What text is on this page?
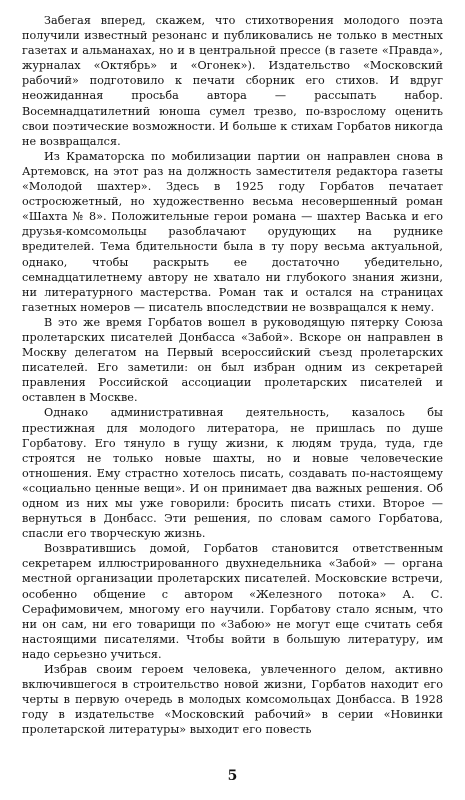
Забегая вперед, скажем, что стихотворения молодого поэта получили известный резонанс и публиковались не только в местных газетах и альманахах, но и в центральной прессе (в газете «Правда», журналах «Октябрь» и «Огонек»). Издательство «Московский рабочий» подготовило к печати сборник его стихов. И вдруг неожиданная просьба автора — рассыпать набор. Восемнадцатилетний юноша сумел трезво, по-взрослому оценить свои поэтические возможности. И больше к стихам Горбатов никогда не возвращался.

Из Краматорска по мобилизации партии он направлен снова в Артемовск, на этот раз на должность заместителя редактора газеты «Молодой шахтер». Здесь в 1925 году Горбатов печатает остросюжетный, но художественно весьма несовершенный роман «Шахта № 8». Положительные герои романа — шахтер Васька и его друзья-комсомольцы разоблачают орудующих на руднике вредителей. Тема бдительности была в ту пору весьма актуальной, однако, чтобы раскрыть ее достаточно убедительно, семнадцатилетнему автору не хватало ни глубокого знания жизни, ни литературного мастерства. Роман так и остался на страницах газетных номеров — писатель впоследствии не возвращался к нему.

В это же время Горбатов вошел в руководящую пятерку Союза пролетарских писателей Донбасса «Забой». Вскоре он направлен в Москву делегатом на Первый всероссийский съезд пролетарских писателей. Его заметили: он был избран одним из секретарей правления Российской ассоциации пролетарских писателей и оставлен в Москве.

Однако административная деятельность, казалось бы престижная для молодого литератора, не пришлась по душе Горбатову. Его тянуло в гущу жизни, к людям труда, туда, где строятся не только новые шахты, но и новые человеческие отношения. Ему страстно хотелось писать, создавать по-настоящему «социально ценные вещи». И он принимает два важных решения. Об одном из них мы уже говорили: бросить писать стихи. Второе — вернуться в Донбасс. Эти решения, по словам самого Горбатова, спасли его творческую жизнь.

Возвратившись домой, Горбатов становится ответственным секретарем иллюстрированного двухнедельника «Забой» — органа местной организации пролетарских писателей. Московские встречи, особенно общение с автором «Железного потока» А. С. Серафимовичем, многому его научили. Горбатову стало ясным, что ни он сам, ни его товарищи по «Забою» не могут еще считать себя настоящими писателями. Чтобы войти в большую литературу, им надо серьезно учиться.

Избрав своим героем человека, увлеченного делом, активно включившегося в строительство новой жизни, Горбатов находит его черты в первую очередь в молодых комсомольцах Донбасса. В 1928 году в издательстве «Московский рабочий» в серии «Новинки пролетарской литературы» выходит его повесть

5
